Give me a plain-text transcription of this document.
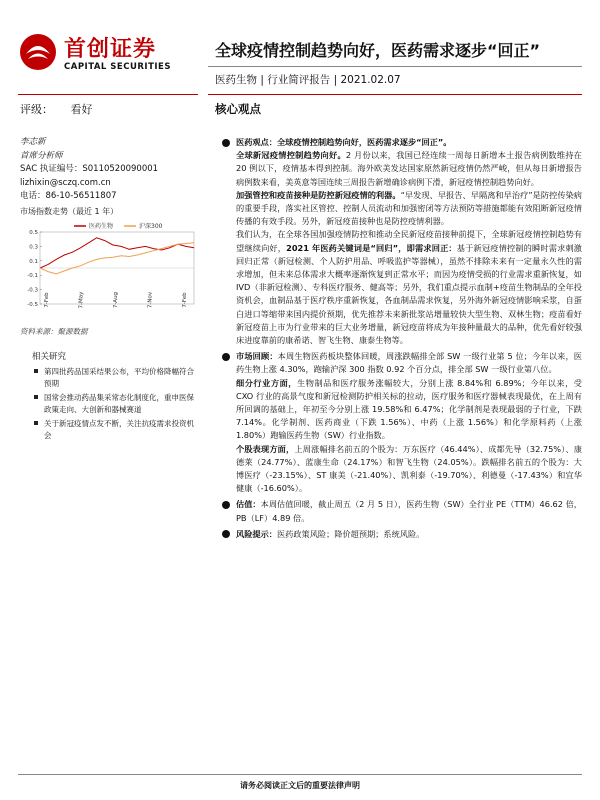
首创证券
CAPITAL SECURITIES
全球疫情控制趋势向好，医药需求逐步“回正”
医药生物 | 行业简评报告 | 2021.02.07
评级： 看好	核心观点
李志新
首席分析师
SAC 执证编号：S0110520090001
lizhixin@sczq.com.cn
电话：86-10-56511807
市场指数走势（最近 1 年）
0.5
0.3
0.1
-0.1
-0.3
-0.5 7-Feb	7-May	7-Aug	7-Nov	7-Feb
医药生物	沪深300
资料来源：聚源数据
相关研究
第四批药品国采结果公布，平均价格降幅符合预期
国常会推动药品集采常态化制度化，重申医保政策走向、大创新和器械赛道
关于新冠疫情点发不断，关注抗疫需求投资机会

医药观点：全球疫情控制趋势向好，医药需求逐步“回正”。

全球新冠疫情控制趋势向好。2 月份以来，我国已经连续一周每日新增本土报告病例数维持在 20 例以下，疫情基本得到控制。海外欧美发达国家原然新冠疫情仍然严峻，但从每日新增报告病例数来看，美英意等国连续三周报告新增确诊病例下滑，新冠疫情控制趋势向好。

加强管控和疫苗接种是防控新冠疫情的利器。“早发现、早报告、早隔离和早治疗”是防控传染病的重要手段，落实社区管控、控制人员流动和加强密闭等方法预防等措施都能有效阻断新冠疫情传播的有效手段。另外，新冠疫苗接种也是防控疫情利器。

我们认为，在全球各国加强疫情防控和推动全民新冠疫苗接种前提下，全球新冠疫情控制趋势有望继续向好，2021 年医药关键词是“回归”，即需求回正：基于新冠疫情控制的瞬时需求刺激回归正常（新冠检测、个人防护用品、呼吸监护等器械），虽然不排除未来有一定量永久性的需求增加，但未来总体需求大概率逐渐恢复到正常水平；而因为疫情受损的行业需求重新恢复，如 IVD（非新冠检测）、专科医疗服务、健高等；另外，我们重点提示血制+疫苗生物制品的全年投资机会，血制品基于医疗秩序重新恢复，各血制品需求恢复，另外海外新冠疫情影响采浆，自蛋白进口等缩带来国内提价预期，优先推荐未来新批浆站增量较快大型生物、双林生物；疫苗看好新冠疫苗上市为行业带来的巨大业务增量，新冠疫苗将成为年接种量最大的品种，优先看好较强床进度靠前的康希诺、智飞生物、康泰生物等。

市场回顾：本周生物医药板块整体回暖，周涨跌幅排全部 SW 一级行业第 5 位；今年以来，医药生物上涨 4.30%，跑输沪深 300 指数 0.92 个百分点，排全部 SW 一级行业第八位。

细分行业方面，生物制品和医疗服务涨幅较大，分别上涨 8.84%和 6.89%；今年以来，受 CXO 行业的高景气度和新冠检测防护相关标的拉动，医疗服务和医疗器械表现最优，在上周有所回调的基础上，年初至今分别上涨 19.58%和 6.47%；化学制剂是表现最弱的子行业，下跌 7.14%。化学制剂、医药商业（下跌 1.56%）、中药（上涨 1.56%）和化学原料药（上涨 1.80%）跑输医药生物（SW）行业指数。

个股表现方面，上周涨幅排名前五的个股为：万东医疗（46.44%）、成都先导（32.75%）、康德莱（24.77%）、蓝康生命（24.17%）和智飞生物（24.05%）。跌幅排名前五的个股为：大博医疗（-23.15%）、ST 康美（-21.40%）、凯利泰（-19.70%）、利德曼（-17.43%）和宜华健康（-16.60%）。

估值：本周估值回暖，截止周五（2 月 5 日），医药生物（SW）全行业 PE（TTM）46.62 倍，PB（LF）4.89 倍。

风险提示：医药政策风险；降价超预期；系统风险。

请务必阅读正文后的重要法律声明
